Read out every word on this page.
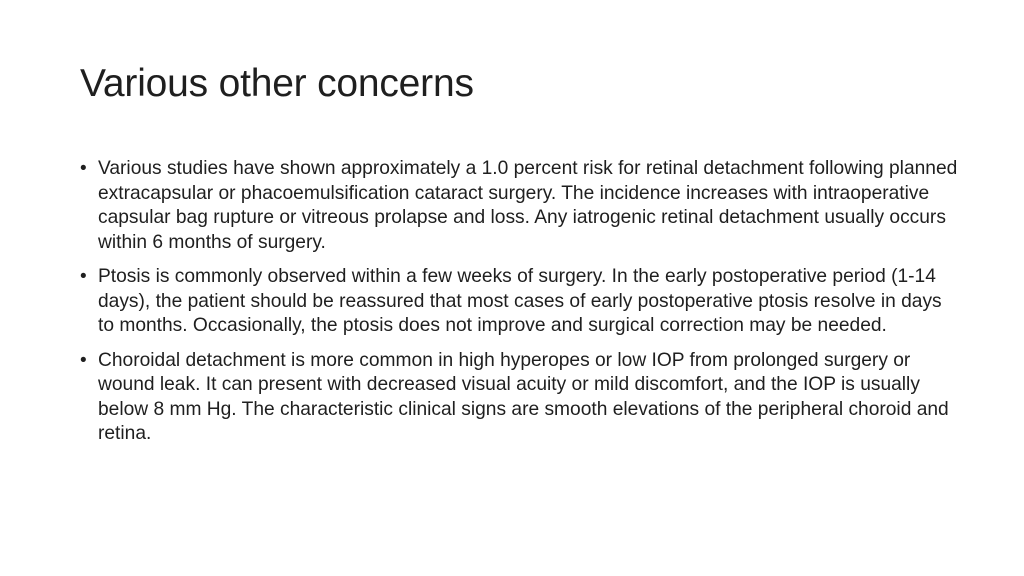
Various other concerns
• Various studies have shown approximately a 1.0 percent risk for retinal detachment following planned extracapsular or phacoemulsification cataract surgery. The incidence increases with intraoperative capsular bag rupture or vitreous prolapse and loss. Any iatrogenic retinal detachment usually occurs within 6 months of surgery.
• Ptosis is commonly observed within a few weeks of surgery. In the early postoperative period (1-14 days), the patient should be reassured that most cases of early postoperative ptosis resolve in days to months. Occasionally, the ptosis does not improve and surgical correction may be needed.
• Choroidal detachment is more common in high hyperopes or low IOP from prolonged surgery or wound leak. It can present with decreased visual acuity or mild discomfort, and the IOP is usually below 8 mm Hg. The characteristic clinical signs are smooth elevations of the peripheral choroid and retina.
